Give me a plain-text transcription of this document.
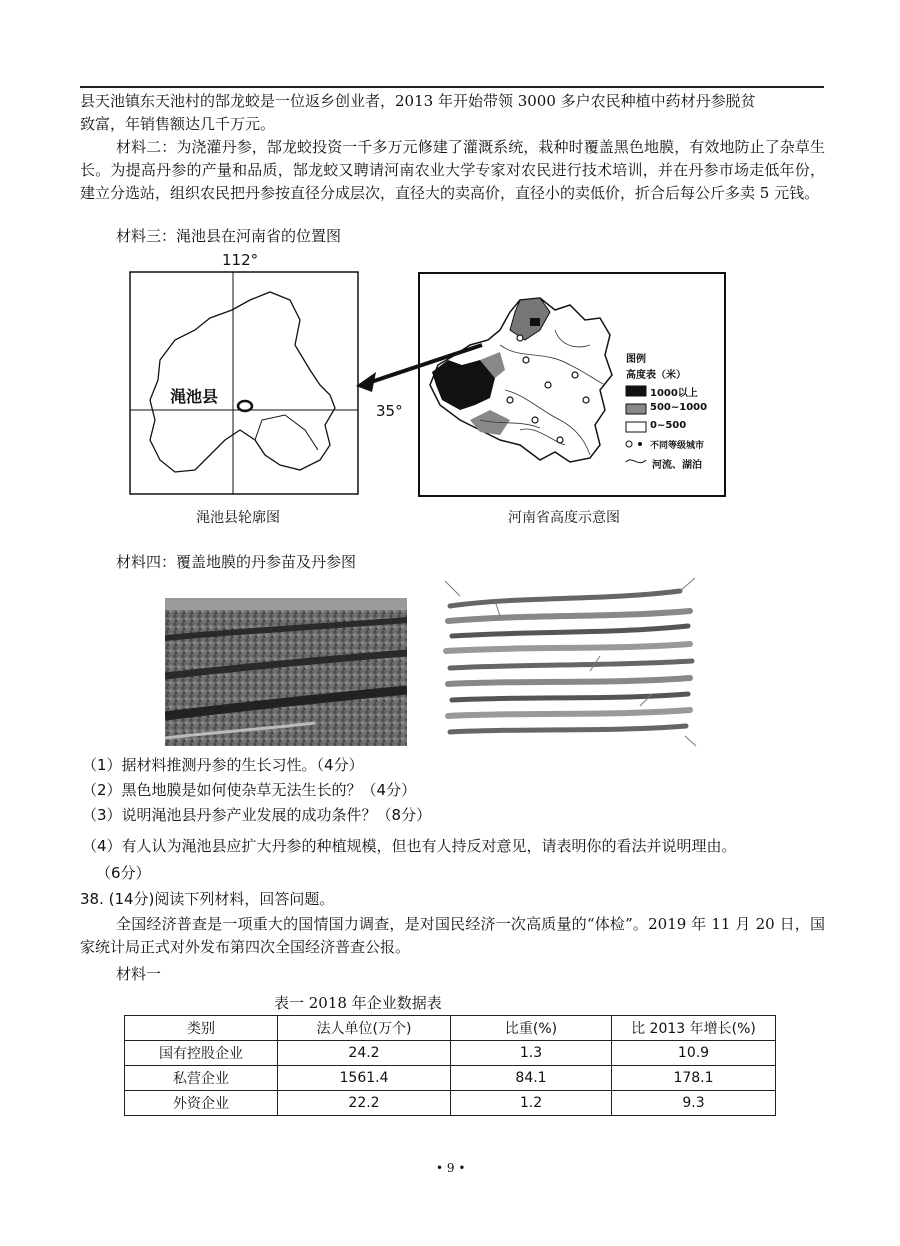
县天池镇东天池村的郜龙蛟是一位返乡创业者，2013 年开始带领 3000 多户农民种植中药材丹参脱贫
致富，年销售额达几千万元。
材料二：为浇灌丹参，郜龙蛟投资一千多万元修建了灌溉系统，栽种时覆盖黑色地膜，有效地防止了杂草生长。为提高丹参的产量和品质，郜龙蛟又聘请河南农业大学专家对农民进行技术培训，并在丹参市场走低年份，建立分选站，组织农民把丹参按直径分成层次，直径大的卖高价，直径小的卖低价，折合后每公斤多卖 5 元钱。
材料三：渑池县在河南省的位置图
112°
35°
渑池县
渑池县轮廓图
图例
高度表（米）
1000以上
500~1000
0~500
不同等级城市
河流、湖泊
河南省高度示意图
材料四：覆盖地膜的丹参苗及丹参图
（1）据材料推测丹参的生长习性。（4分）
（2）黑色地膜是如何使杂草无法生长的？（4分）
（3）说明渑池县丹参产业发展的成功条件？（8分）
（4）有人认为渑池县应扩大丹参的种植规模，但也有人持反对意见，请表明你的看法并说明理由。
（6分）
38. (14分)阅读下列材料，回答问题。
全国经济普查是一项重大的国情国力调查，是对国民经济一次高质量的“体检”。2019 年 11 月 20 日，国家统计局正式对外发布第四次全国经济普查公报。
材料一
表一 2018 年企业数据表
类别	法人单位(万个)	比重(%)	比 2013 年增长(%)
国有控股企业	24.2	1.3	10.9
私营企业	1561.4	84.1	178.1
外资企业	22.2	1.2	9.3
• 9 •
